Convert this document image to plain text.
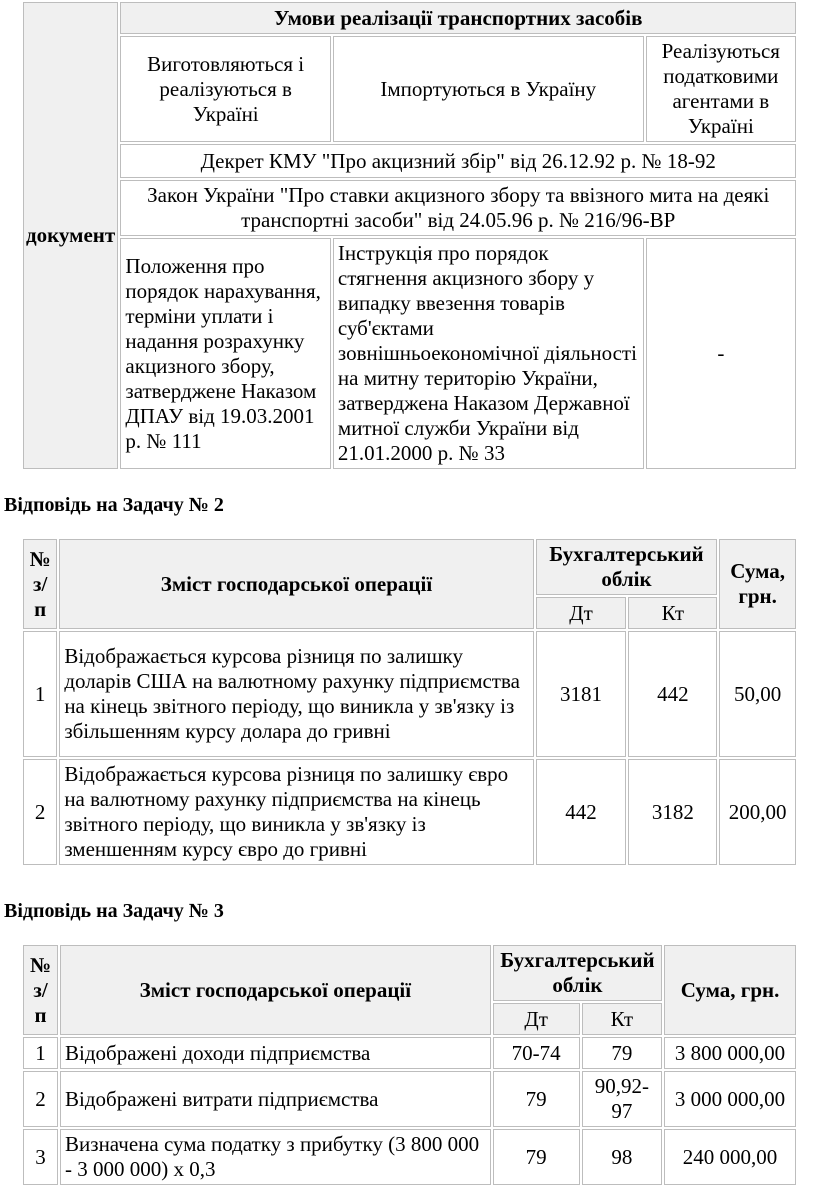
документ	Умови реалізації транспортних засобів		
	Виготовляються і реалізуються в Україні	Імпортуються в Україну	Реалізуються податковими агентами в Україні
	Декрет КМУ "Про акцизний збір" від 26.12.92 р. № 18-92		
	Закон України "Про ставки акцизного збору та ввізного мита на деякі транспортні засоби" від 24.05.96 р. № 216/96-ВР		
	Положення про порядок нарахування, терміни уплати і надання розрахунку акцизного збору, затверджене Наказом ДПАУ від 19.03.2001 р. № 111	Інструкція про порядок стягнення акцизного збору у випадку ввезення товарів суб'єктами зовнішньоекономічної діяльності на митну територію України, затверджена Наказом Державної митної служби України від 21.01.2000 р. № 33	-
Відповідь на Задачу № 2
№ з/п	Зміст господарської операції	Бухгалтерський облік		Сума, грн.
		Дт	Кт	
1	Відображається курсова різниця по залишку доларів США на валютному рахунку підприємства на кінець звітного періоду, що виникла у зв'язку із збільшенням курсу долара до гривні	3181	442	50,00
2	Відображається курсова різниця по залишку євро на валютному рахунку підприємства на кінець звітного періоду, що виникла у зв'язку із зменшенням курсу євро до гривні	442	3182	200,00
Відповідь на Задачу № 3
№ з/п	Зміст господарської операції	Бухгалтерський облік		Сума, грн.
		Дт	Кт	
1	Відображені доходи підприємства	70-74	79	3 800 000,00
2	Відображені витрати підприємства	79	90,92-97	3 000 000,00
3	Визначена сума податку з прибутку (3 800 000 - 3 000 000) х 0,3	79	98	240 000,00
